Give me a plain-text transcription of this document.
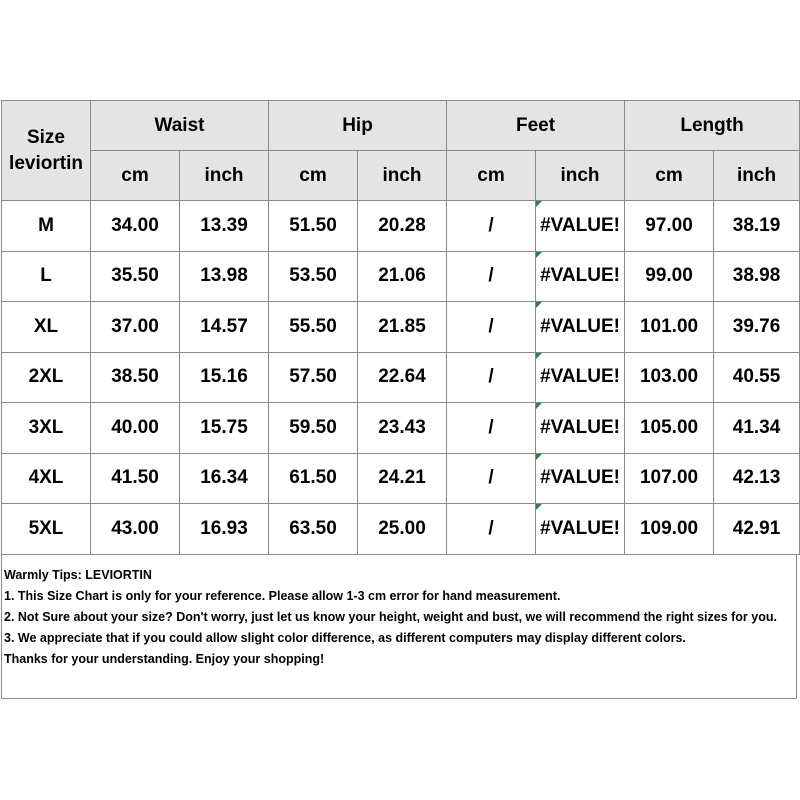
Size leviortin	Waist		Hip		Feet		Length	
	cm	inch	cm	inch	cm	inch	cm	inch
M	34.00	13.39	51.50	20.28	/	#VALUE!	97.00	38.19
L	35.50	13.98	53.50	21.06	/	#VALUE!	99.00	38.98
XL	37.00	14.57	55.50	21.85	/	#VALUE!	101.00	39.76
2XL	38.50	15.16	57.50	22.64	/	#VALUE!	103.00	40.55
3XL	40.00	15.75	59.50	23.43	/	#VALUE!	105.00	41.34
4XL	41.50	16.34	61.50	24.21	/	#VALUE!	107.00	42.13
5XL	43.00	16.93	63.50	25.00	/	#VALUE!	109.00	42.91
Warmly Tips: LEVIORTIN
1. This Size Chart is only for your reference. Please allow 1-3 cm error for hand measurement.
2. Not Sure about your size? Don't worry, just let us know your height, weight and bust, we will recommend the right sizes for you.
3. We appreciate that if you could allow slight color difference, as different computers may display different colors.
Thanks for your understanding. Enjoy your shopping!
